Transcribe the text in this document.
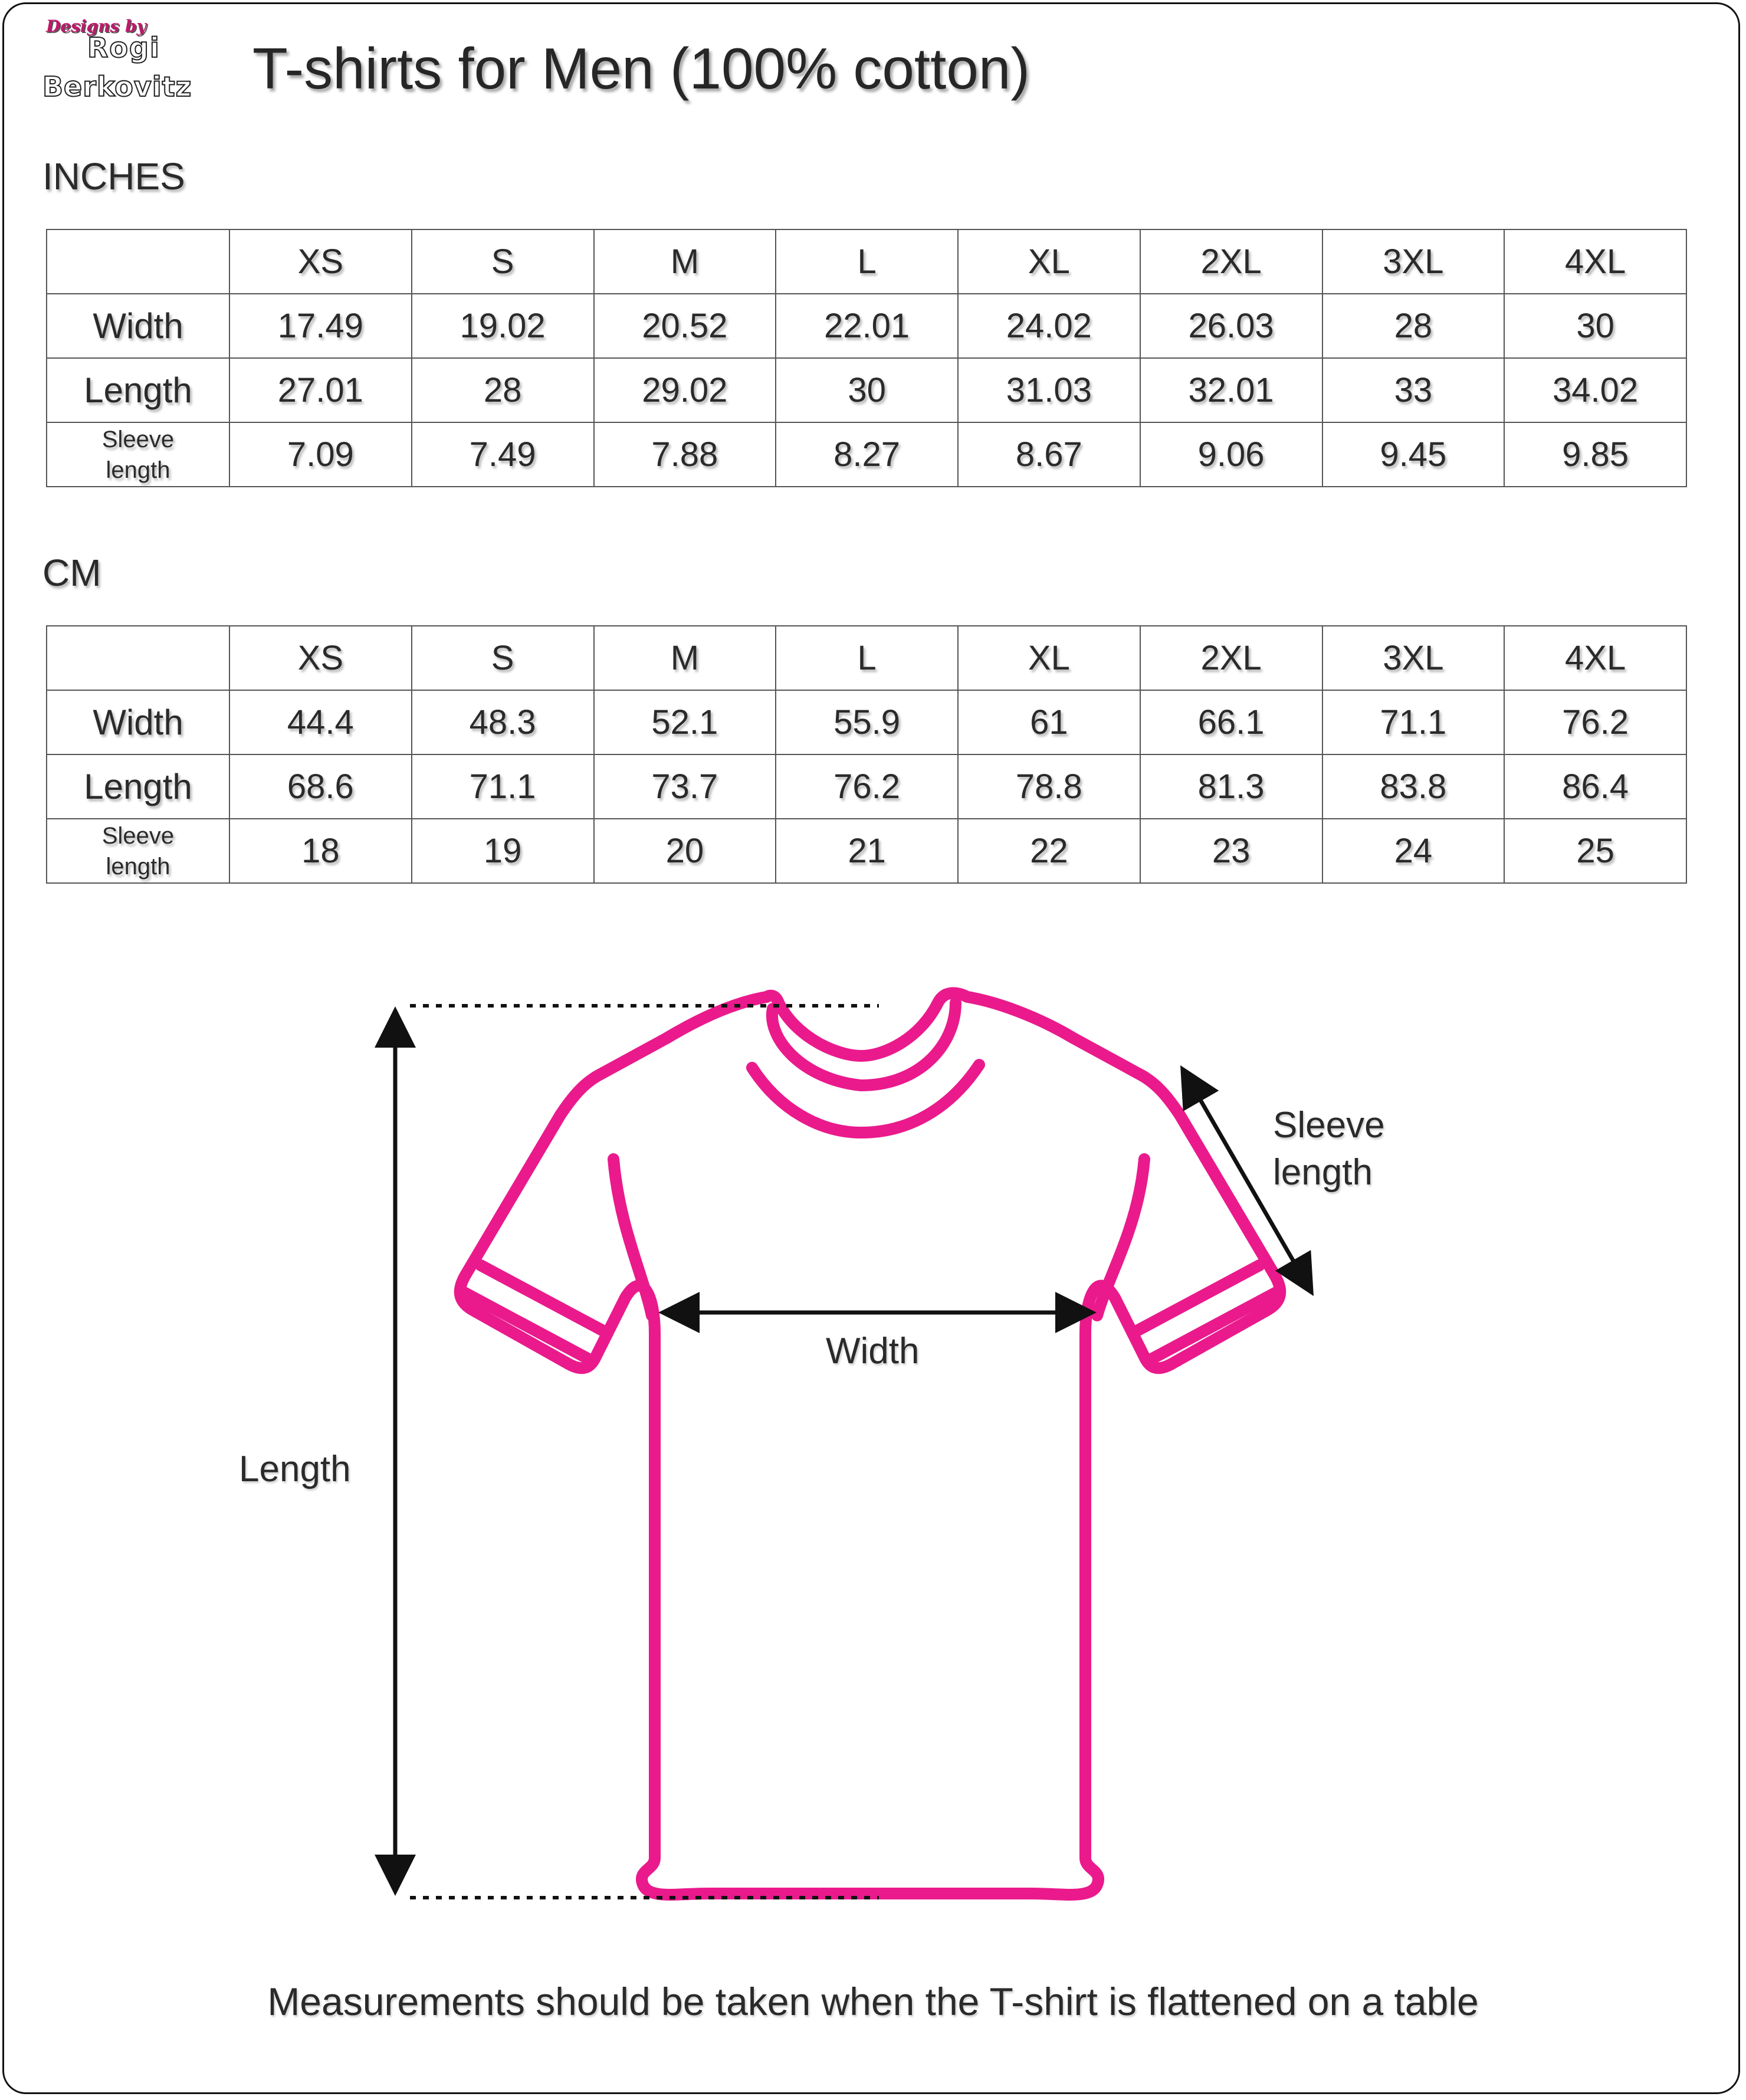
Designs by
Rogi
Berkovitz T-shirts for Men (100% cotton)
INCHES
	XS	S	M	L	XL	2XL	3XL	4XL
Width	17.49	19.02	20.52	22.01	24.02	26.03	28	30
Length	27.01	28	29.02	30	31.03	32.01	33	34.02

Sleeve
length	7.09	7.49	7.88	8.27	8.67	9.06	9.45	9.85
CM
	XS	S	M	L	XL	2XL	3XL	4XL
Width	44.4	48.3	52.1	55.9	61	66.1	71.1	76.2
Length	68.6	71.1	73.7	76.2	78.8	81.3	83.8	86.4

Sleeve
length	18	19	20	21	22	23	24	25
Width
Length
Sleeve
length
Measurements should be taken when the T-shirt is flattened on a table
